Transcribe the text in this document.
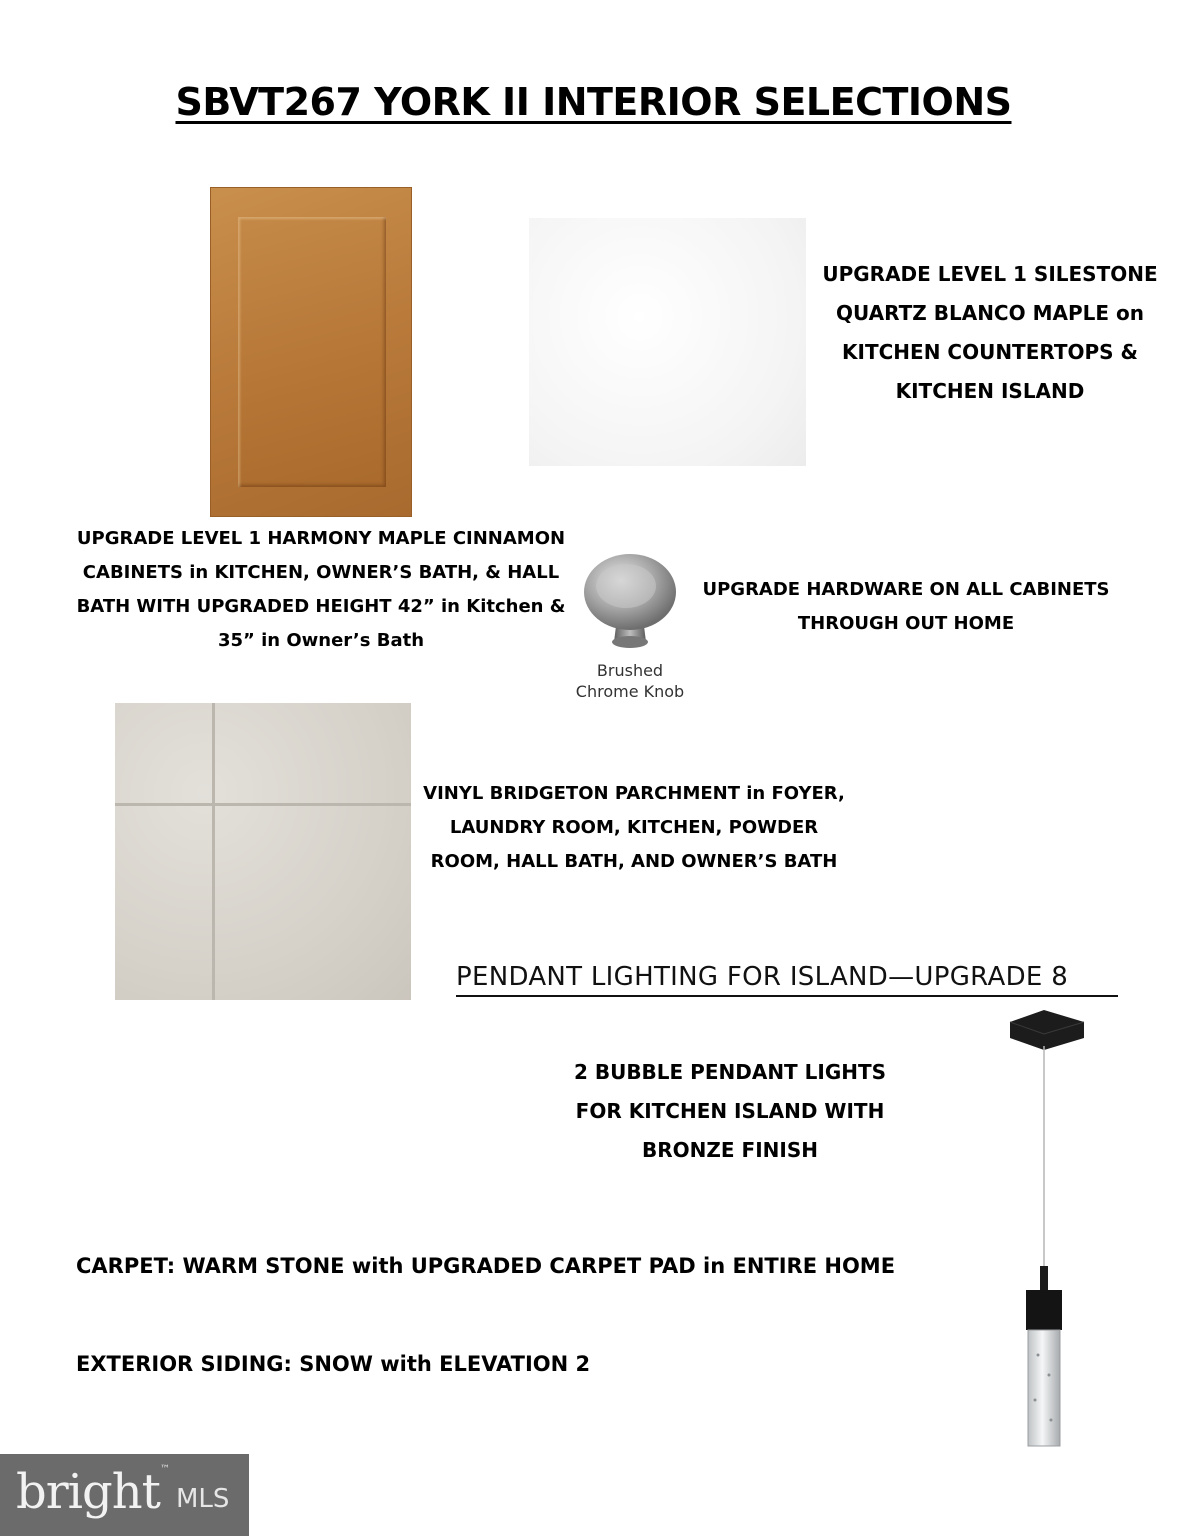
SBVT267 YORK II INTERIOR SELECTIONS
UPGRADE LEVEL 1 SILESTONE
QUARTZ BLANCO MAPLE on
KITCHEN COUNTERTOPS &
KITCHEN ISLAND
UPGRADE LEVEL 1 HARMONY MAPLE CINNAMON
CABINETS in KITCHEN, OWNER’S BATH, & HALL
BATH WITH UPGRADED HEIGHT 42” in Kitchen &
35” in Owner’s Bath
Brushed
Chrome Knob
UPGRADE HARDWARE ON ALL CABINETS
THROUGH OUT HOME
VINYL BRIDGETON PARCHMENT in FOYER,
LAUNDRY ROOM, KITCHEN, POWDER
ROOM, HALL BATH, AND OWNER’S BATH
PENDANT LIGHTING FOR ISLAND—UPGRADE 8
2 BUBBLE PENDANT LIGHTS
FOR KITCHEN ISLAND WITH
BRONZE FINISH
CARPET: WARM STONE with UPGRADED CARPET PAD in ENTIRE HOME
EXTERIOR SIDING: SNOW with ELEVATION 2
bright ™
MLS
